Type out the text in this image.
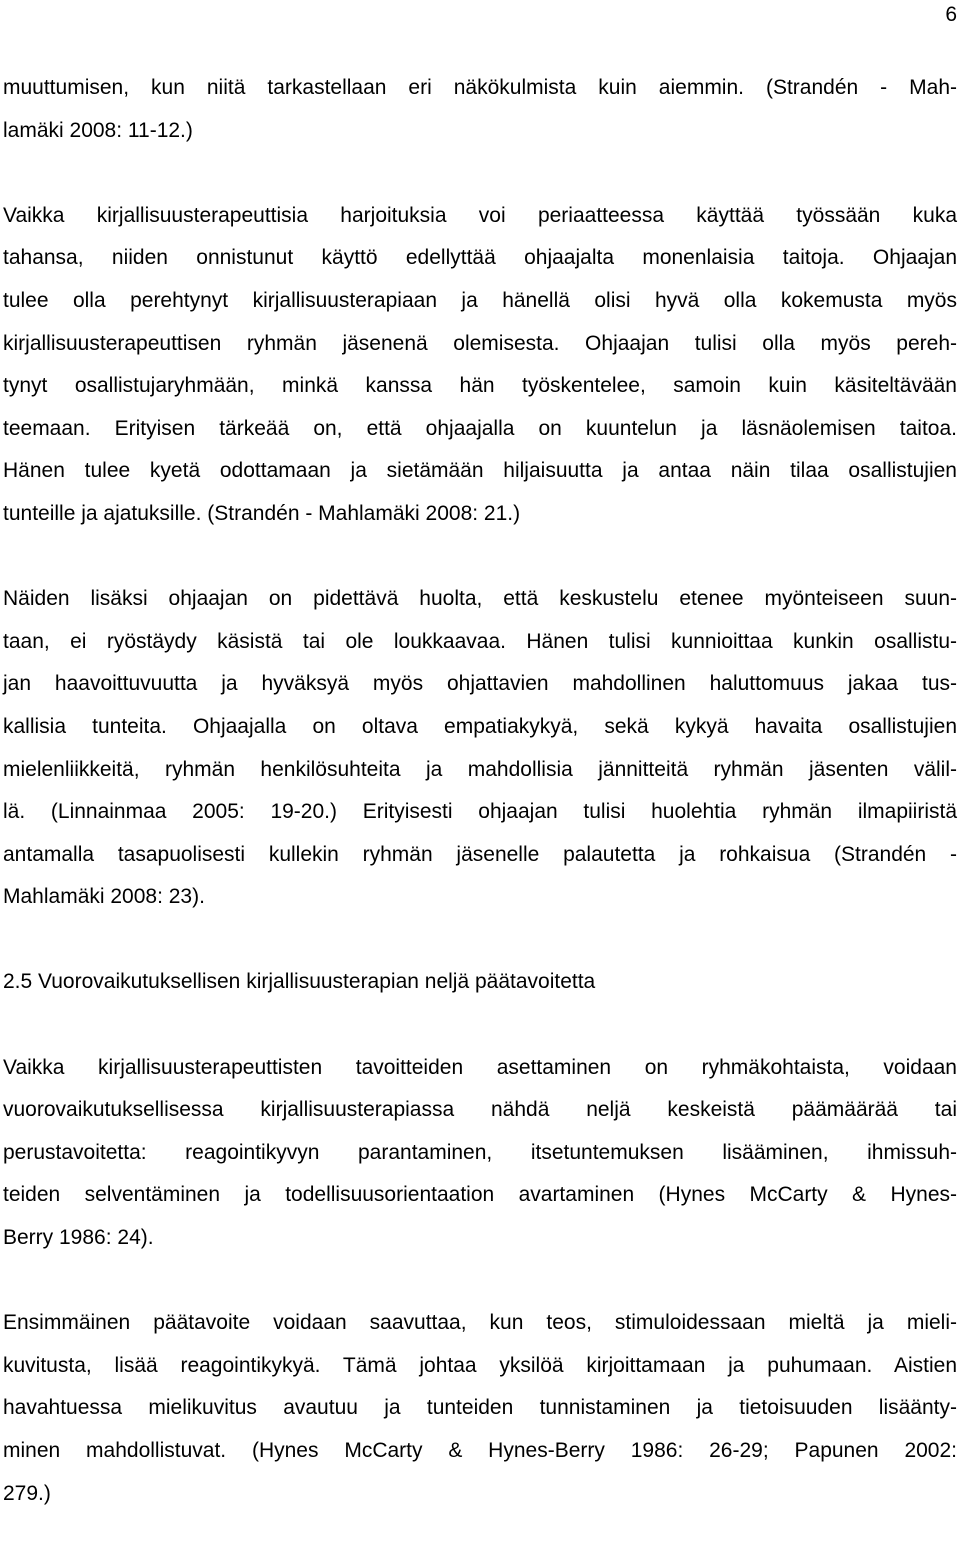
6
muuttumisen, kun niitä tarkastellaan eri näkökulmista kuin aiemmin. (Strandén - Mah-
lamäki 2008: 11-12.)
Vaikka kirjallisuusterapeuttisia harjoituksia voi periaatteessa käyttää työssään kuka
tahansa, niiden onnistunut käyttö edellyttää ohjaajalta monenlaisia taitoja. Ohjaajan
tulee olla perehtynyt kirjallisuusterapiaan ja hänellä olisi hyvä olla kokemusta myös
kirjallisuusterapeuttisen ryhmän jäsenenä olemisesta. Ohjaajan tulisi olla myös pereh-
tynyt osallistujaryhmään, minkä kanssa hän työskentelee, samoin kuin käsiteltävään
teemaan. Erityisen tärkeää on, että ohjaajalla on kuuntelun ja läsnäolemisen taitoa.
Hänen tulee kyetä odottamaan ja sietämään hiljaisuutta ja antaa näin tilaa osallistujien
tunteille ja ajatuksille. (Strandén - Mahlamäki 2008: 21.)
Näiden lisäksi ohjaajan on pidettävä huolta, että keskustelu etenee myönteiseen suun-
taan, ei ryöstäydy käsistä tai ole loukkaavaa. Hänen tulisi kunnioittaa kunkin osallistu-
jan haavoittuvuutta ja hyväksyä myös ohjattavien mahdollinen haluttomuus jakaa tus-
kallisia tunteita. Ohjaajalla on oltava empatiakykyä, sekä kykyä havaita osallistujien
mielenliikkeitä, ryhmän henkilösuhteita ja mahdollisia jännitteitä ryhmän jäsenten välil-
lä. (Linnainmaa 2005: 19-20.) Erityisesti ohjaajan tulisi huolehtia ryhmän ilmapiiristä
antamalla tasapuolisesti kullekin ryhmän jäsenelle palautetta ja rohkaisua (Strandén -
Mahlamäki 2008: 23).
2.5 Vuorovaikutuksellisen kirjallisuusterapian neljä päätavoitetta
Vaikka kirjallisuusterapeuttisten tavoitteiden asettaminen on ryhmäkohtaista, voidaan
vuorovaikutuksellisessa kirjallisuusterapiassa nähdä neljä keskeistä päämäärää tai
perustavoitetta: reagointikyvyn parantaminen, itsetuntemuksen lisääminen, ihmissuh-
teiden selventäminen ja todellisuusorientaation avartaminen (Hynes McCarty & Hynes-
Berry 1986: 24).
Ensimmäinen päätavoite voidaan saavuttaa, kun teos, stimuloidessaan mieltä ja mieli-
kuvitusta, lisää reagointikykyä. Tämä johtaa yksilöä kirjoittamaan ja puhumaan. Aistien
havahtuessa mielikuvitus avautuu ja tunteiden tunnistaminen ja tietoisuuden lisäänty-
minen mahdollistuvat. (Hynes McCarty & Hynes-Berry 1986: 26-29; Papunen 2002:
279.)
